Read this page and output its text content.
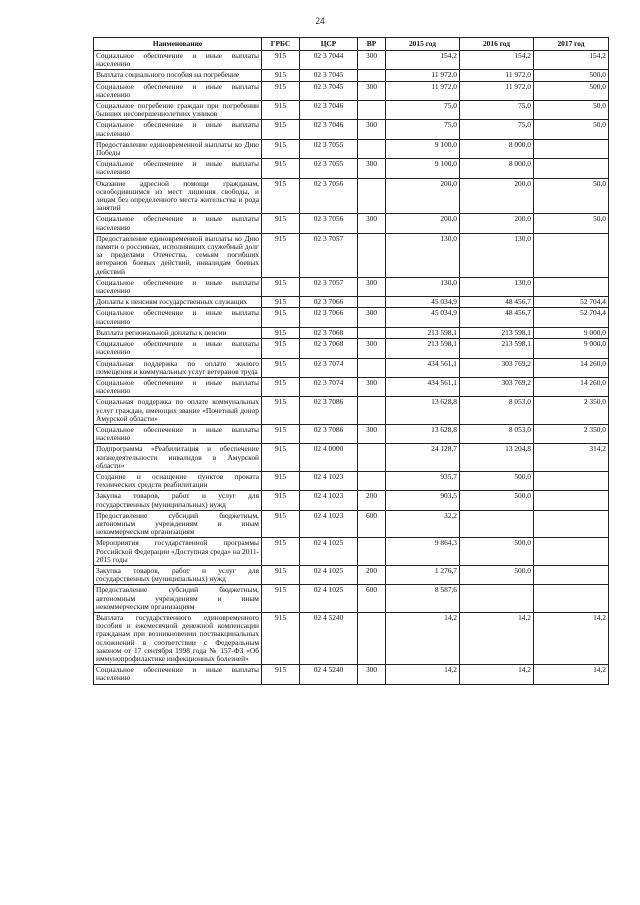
24
Наименование	ГРБС	ЦСР	ВР	2015 год	2016 год	2017 год
Социальное обеспечение и иные выплаты населению	915	02 3 7044	300	154,2	154,2	154,2
Выплата социального пособия на погребение	915	02 3 7045		11 972,0	11 972,0	500,0
Социальное обеспечение и иные выплаты населению	915	02 3 7045	300	11 972,0	11 972,0	500,0
Социальное погребение граждан при погребении бывших несовершеннолетних узников	915	02 3 7046		75,0	75,0	50,0
Социальное обеспечение и иные выплаты населению	915	02 3 7046	300	75,0	75,0	50,0
Предоставление единовременной выплаты ко Дню Победы	915	02 3 7055		9 100,0	8 000,0	
Социальное обеспечение и иные выплаты населению	915	02 3 7055	300	9 100,0	8 000,0	
Оказание адресной помощи гражданам, освободившимся из мест лишения свободы, и лицам без определенного места жительства и рода занятий	915	02 3 7056		200,0	200,0	50,0
Социальное обеспечение и иные выплаты населению	915	02 3 7056	300	200,0	200,0	50,0
Предоставление единовременной выплаты ко Дню памяти о россиянах, исполнявших служебный долг за пределами Отечества, семьям погибших ветеранов боевых действий, инвалидам боевых действий	915	02 3 7057		130,0	130,0	
Социальное обеспечение и иные выплаты населению	915	02 3 7057	300	130,0	130,0	
Доплаты к пенсиям государственных служащих	915	02 3 7066		45 034,9	48 456,7	52 704,4
Социальное обеспечение и иные выплаты населению	915	02 3 7066	300	45 034,9	48 456,7	52 704,4
Выплата региональной доплаты к пенсии	915	02 3 7068		213 598,1	213 598,1	9 000,0
Социальное обеспечение и иные выплаты населению	915	02 3 7068	300	213 598,1	213 598,1	9 000,0
Социальная поддержка по оплате жилого помещения и коммунальных услуг ветеранов труда	915	02 3 7074		434 561,1	303 769,2	14 260,0
Социальное обеспечение и иные выплаты населению	915	02 3 7074	300	434 561,1	303 769,2	14 260,0
Социальная поддержка по оплате коммунальных услуг граждан, имеющих звание «Почетный донор Амурской области»	915	02 3 7086		13 628,8	8 053,0	2 350,0
Социальное обеспечение и иные выплаты населению	915	02 3 7086	300	13 628,8	8 053,0	2 350,0
Подпрограмма «Реабилитация и обеспечение жизнедеятельности инвалидов в Амурской области»	915	02 4 0000		24 128,7	13 204,8	314,2
Создание и оснащение пунктов проката технических средств реабилитации	915	02 4 1023		935,7	500,0	
Закупка товаров, работ и услуг для государственных (муниципальных) нужд	915	02 4 1023	200	903,5	500,0	
Предоставление субсидий бюджетным, автономным учреждениям и иным некоммерческим организациям	915	02 4 1023	600	32,2		
Мероприятия государственной программы Российской Федерации «Доступная среда» на 2011-2015 годы	915	02 4 1025		9 864,3	500,0	
Закупка товаров, работ и услуг для государственных (муниципальных) нужд	915	02 4 1025	200	1 276,7	500,0	
Предоставление субсидий бюджетным, автономным учреждениям и иным некоммерческим организациям	915	02 4 1025	600	8 587,6		
Выплата государственного единовременного пособия и ежемесячной денежной компенсации гражданам при возникновении поствакцинальных осложнений в соответствии с Федеральным законом от 17 сентября 1998 года № 157-ФЗ «Об иммунопрофилактике инфекционных болезней»	915	02 4 5240		14,2	14,2	14,2
Социальное обеспечение и иные выплаты населению	915	02 4 5240	300	14,2	14,2	14,2
